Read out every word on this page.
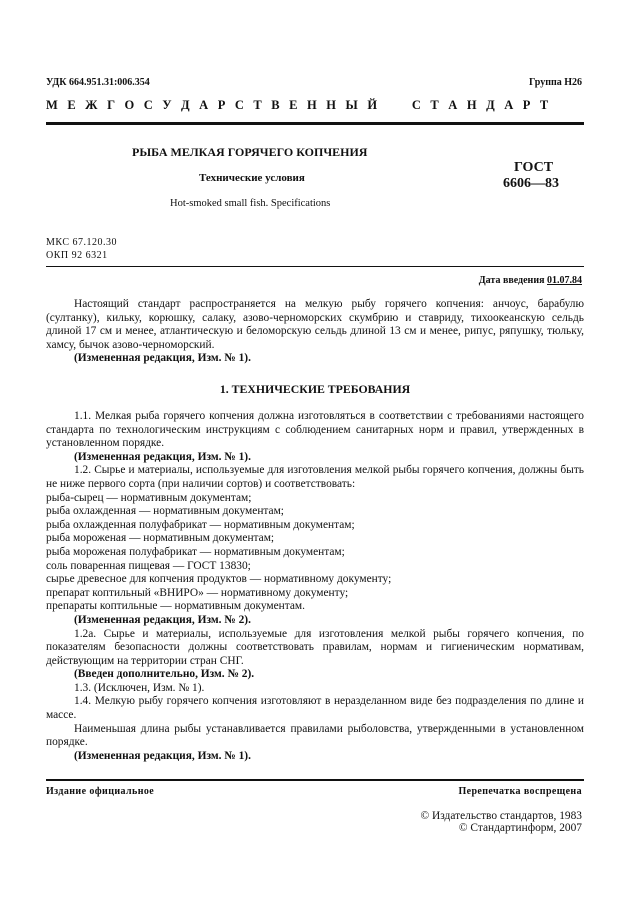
УДК 664.951.31:006.354	Группа Н26
М Е Ж Г О С У Д А Р С Т В Е Н Н Ы Й     С Т А Н Д А Р Т
РЫБА МЕЛКАЯ ГОРЯЧЕГО КОПЧЕНИЯ
Технические условия
Hot-smoked small fish. Specifications
ГОСТ
6606—83
МКС 67.120.30
ОКП 92 6321
Дата введения 01.07.84

Настоящий стандарт распространяется на мелкую рыбу горячего копчения: анчоус, барабулю (султанку), кильку, корюшку, салаку, азово-черноморских скумбрию и ставриду, тихоокеанскую сельдь длиной 17 см и менее, атлантическую и беломорскую сельдь длиной 13 см и менее, рипус, ряпушку, тюльку, хамсу, бычок азово-черноморский.

(Измененная редакция, Изм. № 1).

1. ТЕХНИЧЕСКИЕ ТРЕБОВАНИЯ

1.1. Мелкая рыба горячего копчения должна изготовляться в соответствии с требованиями настоящего стандарта по технологическим инструкциям с соблюдением санитарных норм и правил, утвержденных в установленном порядке.

(Измененная редакция, Изм. № 1).

1.2. Сырье и материалы, используемые для изготовления мелкой рыбы горячего копчения, должны быть не ниже первого сорта (при наличии сортов) и соответствовать:

рыба-сырец — нормативным документам;
рыба охлажденная — нормативным документам;
рыба охлажденная полуфабрикат — нормативным документам;
рыба мороженая — нормативным документам;
рыба мороженая полуфабрикат — нормативным документам;
соль поваренная пищевая — ГОСТ 13830;
сырье древесное для копчения продуктов — нормативному документу;
препарат коптильный «ВНИРО» — нормативному документу;
препараты коптильные — нормативным документам.

(Измененная редакция, Изм. № 2).

1.2а. Сырье и материалы, используемые для изготовления мелкой рыбы горячего копчения, по показателям безопасности должны соответствовать правилам, нормам и гигиеническим нормативам, действующим на территории стран СНГ.

(Введен дополнительно, Изм. № 2).

1.3. (Исключен, Изм. № 1).

1.4. Мелкую рыбу горячего копчения изготовляют в неразделанном виде без подразделения по длине и массе.

Наименьшая длина рыбы устанавливается правилами рыболовства, утвержденными в установленном порядке.

(Измененная редакция, Изм. № 1).

Издание официальное	Перепечатка воспрещена
© Издательство стандартов, 1983
© Стандартинформ, 2007
